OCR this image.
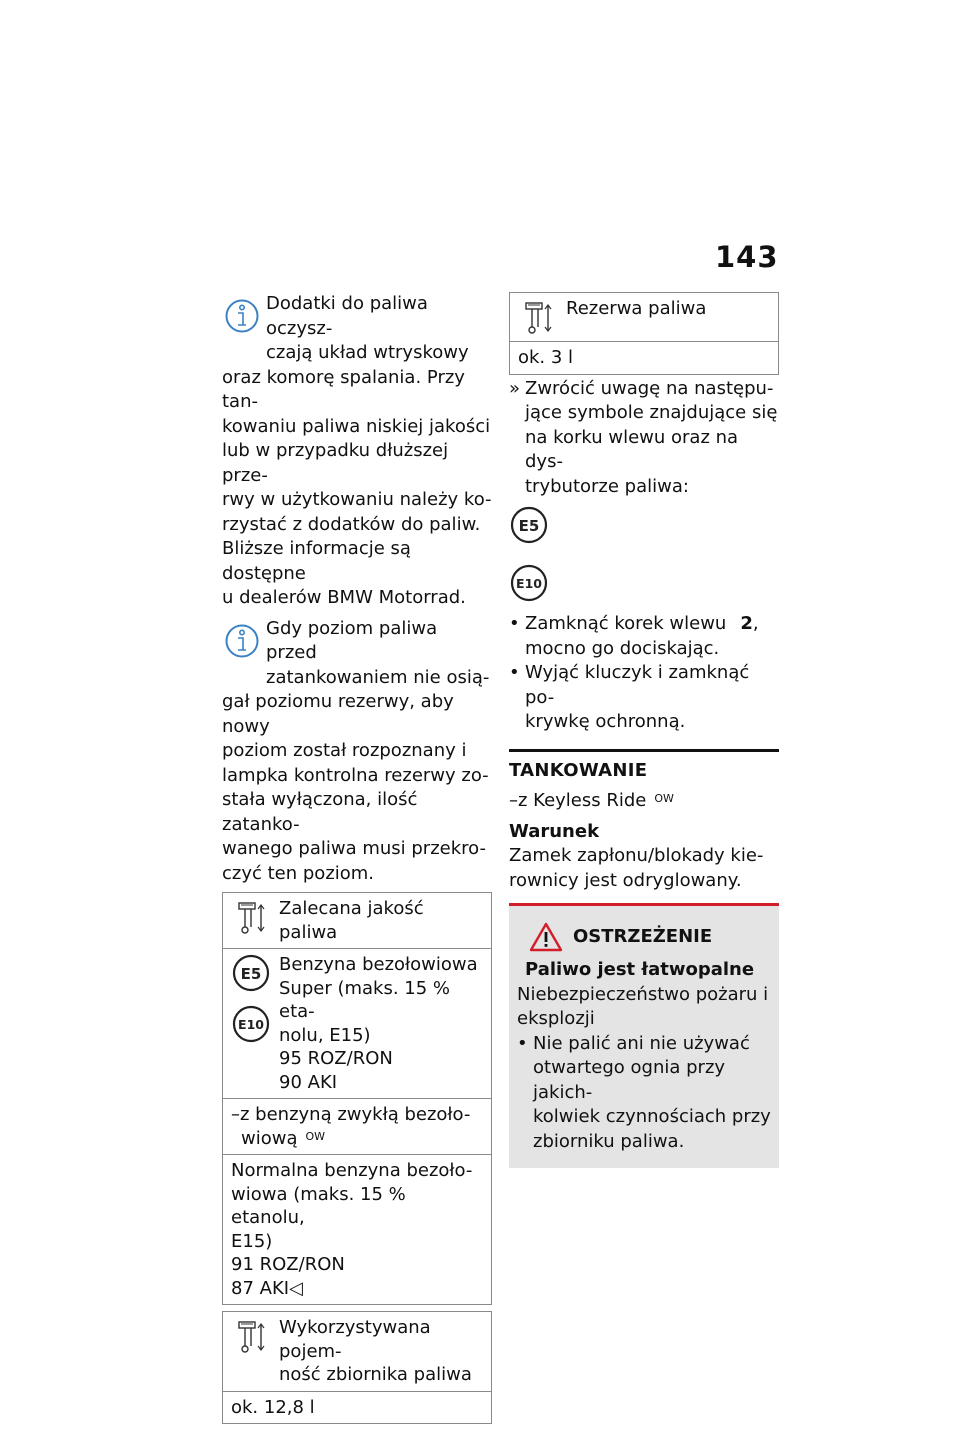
143
Dodatki do paliwa oczysz-
czają układ wtryskowy
oraz komorę spalania. Przy tan-
kowaniu paliwa niskiej jakości
lub w przypadku dłuższej prze-
rwy w użytkowaniu należy ko-
rzystać z dodatków do paliw.
Bliższe informacje są dostępne
u dealerów BMW Motorrad.
Gdy poziom paliwa przed
zatankowaniem nie osią-
gał poziomu rezerwy, aby nowy
poziom został rozpoznany i
lampka kontrolna rezerwy zo-
stała wyłączona, ilość zatanko-
wanego paliwa musi przekro-
czyć ten poziom.
Zalecana jakość paliwa

E5

E10
Benzyna bezołowiowa
Super (maks. 15 % eta-
nolu, E15)
95 ROZ/RON
90 AKI

–z benzyną zwykłą bezoło-
wiową $^{OW}$

Normalna benzyna bezoło-
wiowa (maks. 15 % etanolu,
E15)
91 ROZ/RON
87 AKI◁
Wykorzystywana pojem-
ność zbiornika paliwa

ok. 12,8 l
Rezerwa paliwa

ok. 3 l
» Zwrócić uwagę na następu-
jące symbole znajdujące się
na korku wlewu oraz na dys-
trybutorze paliwa:
E5
E10
• Zamknąć korek wlewu 2,
mocno go dociskając.
• Wyjąć kluczyk i zamknąć po-
krywkę ochronną.
TANKOWANIE
–z Keyless Ride $^{OW}$
Warunek
Zamek zapłonu/blokady kie-
rownicy jest odryglowany.
OSTRZEŻENIE
Paliwo jest łatwopalne
Niebezpieczeństwo pożaru i
eksplozji
• Nie palić ani nie używać
otwartego ognia przy jakich-
kolwiek czynnościach przy
zbiorniku paliwa.
